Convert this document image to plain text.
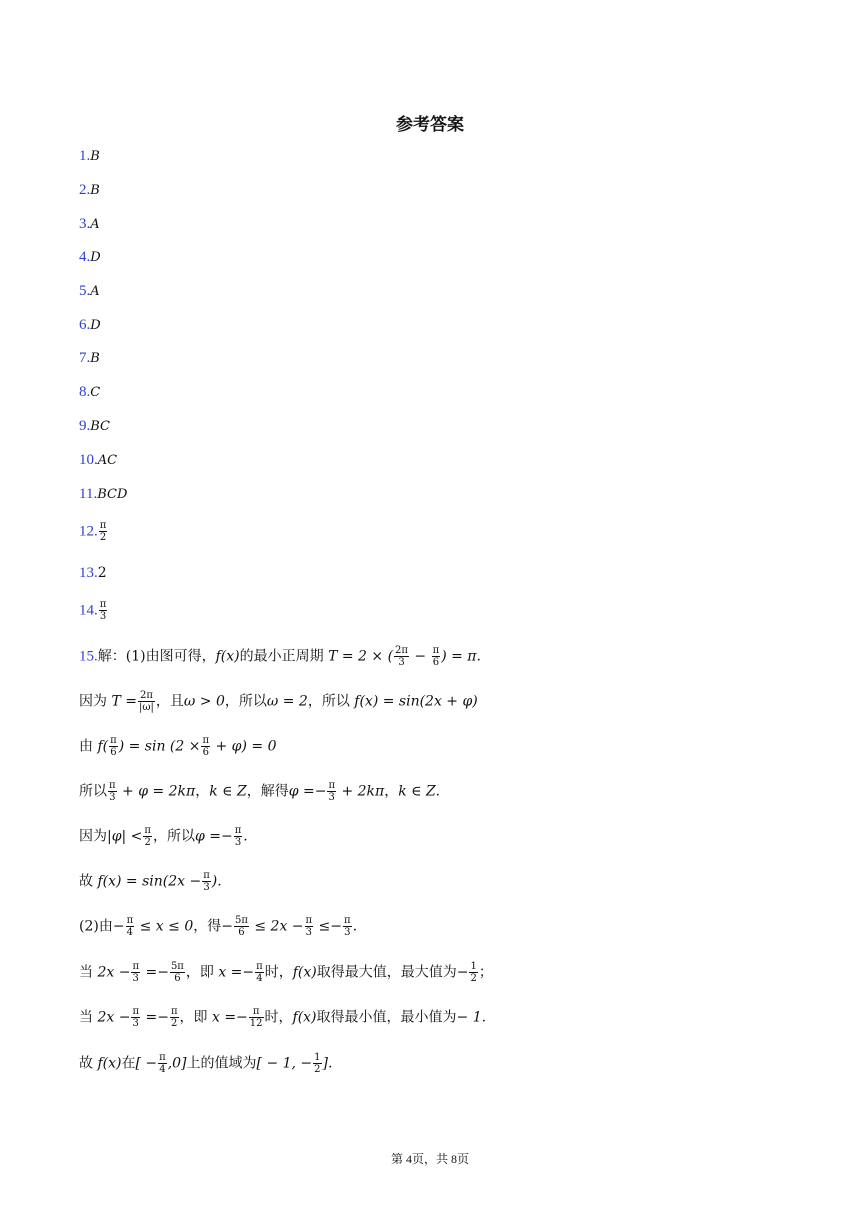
参考答案
1.B
2.B
3.A
4.D
5.A
6.D
7.B
8.C
9.BC
10.AC
11.BCD
12. $\frac{\pi}{2}$
13.2
14. $\frac{\pi}{3}$
15.解：(1)由图可得，f(x)的最小正周期 T = 2 × ( $\frac{2\pi}{3} - \frac{\pi}{6}$ ) = π.
因为 $T = \frac{2\pi}{|\omega|}$ ，且ω > 0，所以ω = 2，所以 f(x) = sin(2x + φ)
由 $f( \frac{\pi}{6}$ ) = $\sin (2 \times \frac{\pi}{6} + \varphi) = 0$
所以 $\frac{\pi}{3} + \varphi = 2k\pi$，k ∈ Z，解得$\varphi =- \frac{\pi}{3} + 2k\pi$，k ∈ Z.
因为$|\varphi| < \frac{\pi}{2}$ ，所以$\varphi =- \frac{\pi}{3}$ .
故 $f(x) = \sin(2x - \frac{\pi}{3}$ ).
(2)由− $\frac{\pi}{4} \le x \le 0$，得− $\frac{5\pi}{6} \le 2x - \frac{\pi}{3} \le- \frac{\pi}{3}$ .
当 $2x - \frac{\pi}{3} =- \frac{5\pi}{6}$ ，即 $x =- \frac{\pi}{4}$ 时，f(x)取得最大值，最大值为− $\frac{1}{2}$ ；
当 $2x - \frac{\pi}{3} =- \frac{\pi}{2}$ ，即 $x =- \frac{\pi}{12}$ 时，f(x)取得最小值，最小值为− 1.
故 f(x)在[ − $\frac{\pi}{4} ,0$]上的值域为[ − 1, − $\frac{1}{2}$ ].
第 4页，共 8页
